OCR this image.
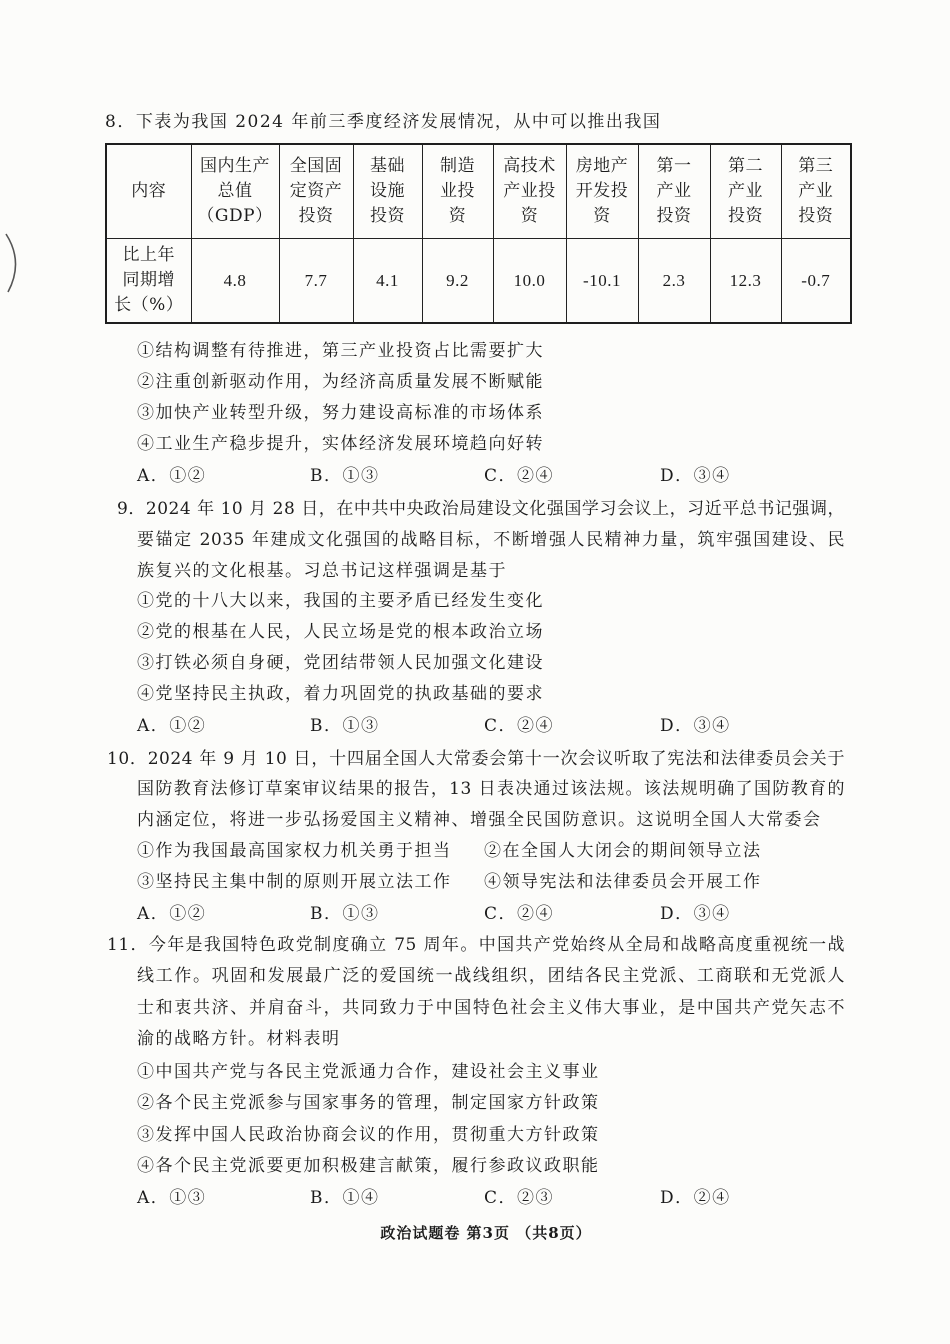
8．下表为我国 2024 年前三季度经济发展情况，从中可以推出我国
内容	国内生产
总值
（GDP）	全国固
定资产
投资	基础
设施
投资	制造
业投
资	高技术
产业投
资	房地产
开发投
资	第一
产业
投资	第二
产业
投资	第三
产业
投资
比上年
同期增
长（%）	4.8	7.7	4.1	9.2	10.0	-10.1	2.3	12.3	-0.7
①结构调整有待推进，第三产业投资占比需要扩大
②注重创新驱动作用，为经济高质量发展不断赋能
③加快产业转型升级，努力建设高标准的市场体系
④工业生产稳步提升，实体经济发展环境趋向好转
A．①②	B．①③	C．②④	D．③④
9．2024 年 10 月 28 日，在中共中央政治局建设文化强国学习会议上，习近平总书记强调，
要锚定 2035 年建成文化强国的战略目标，不断增强人民精神力量，筑牢强国建设、民
族复兴的文化根基。习总书记这样强调是基于
①党的十八大以来，我国的主要矛盾已经发生变化
②党的根基在人民，人民立场是党的根本政治立场
③打铁必须自身硬，党团结带领人民加强文化建设
④党坚持民主执政，着力巩固党的执政基础的要求
A．①②	B．①③	C．②④	D．③④
10．2024 年 9 月 10 日，十四届全国人大常委会第十一次会议听取了宪法和法律委员会关于
国防教育法修订草案审议结果的报告，13 日表决通过该法规。该法规明确了国防教育的
内涵定位，将进一步弘扬爱国主义精神、增强全民国防意识。这说明全国人大常委会
①作为我国最高国家权力机关勇于担当 ②在全国人大闭会的期间领导立法
③坚持民主集中制的原则开展立法工作 ④领导宪法和法律委员会开展工作
A．①②	B．①③	C．②④	D．③④
11．今年是我国特色政党制度确立 75 周年。中国共产党始终从全局和战略高度重视统一战
线工作。巩固和发展最广泛的爱国统一战线组织，团结各民主党派、工商联和无党派人
士和衷共济、并肩奋斗，共同致力于中国特色社会主义伟大事业，是中国共产党矢志不
渝的战略方针。材料表明
①中国共产党与各民主党派通力合作，建设社会主义事业
②各个民主党派参与国家事务的管理，制定国家方针政策
③发挥中国人民政治协商会议的作用，贯彻重大方针政策
④各个民主党派要更加积极建言献策，履行参政议政职能
A．①③	B．①④	C．②③	D．②④
政治试题卷 第3页 （共8页）
